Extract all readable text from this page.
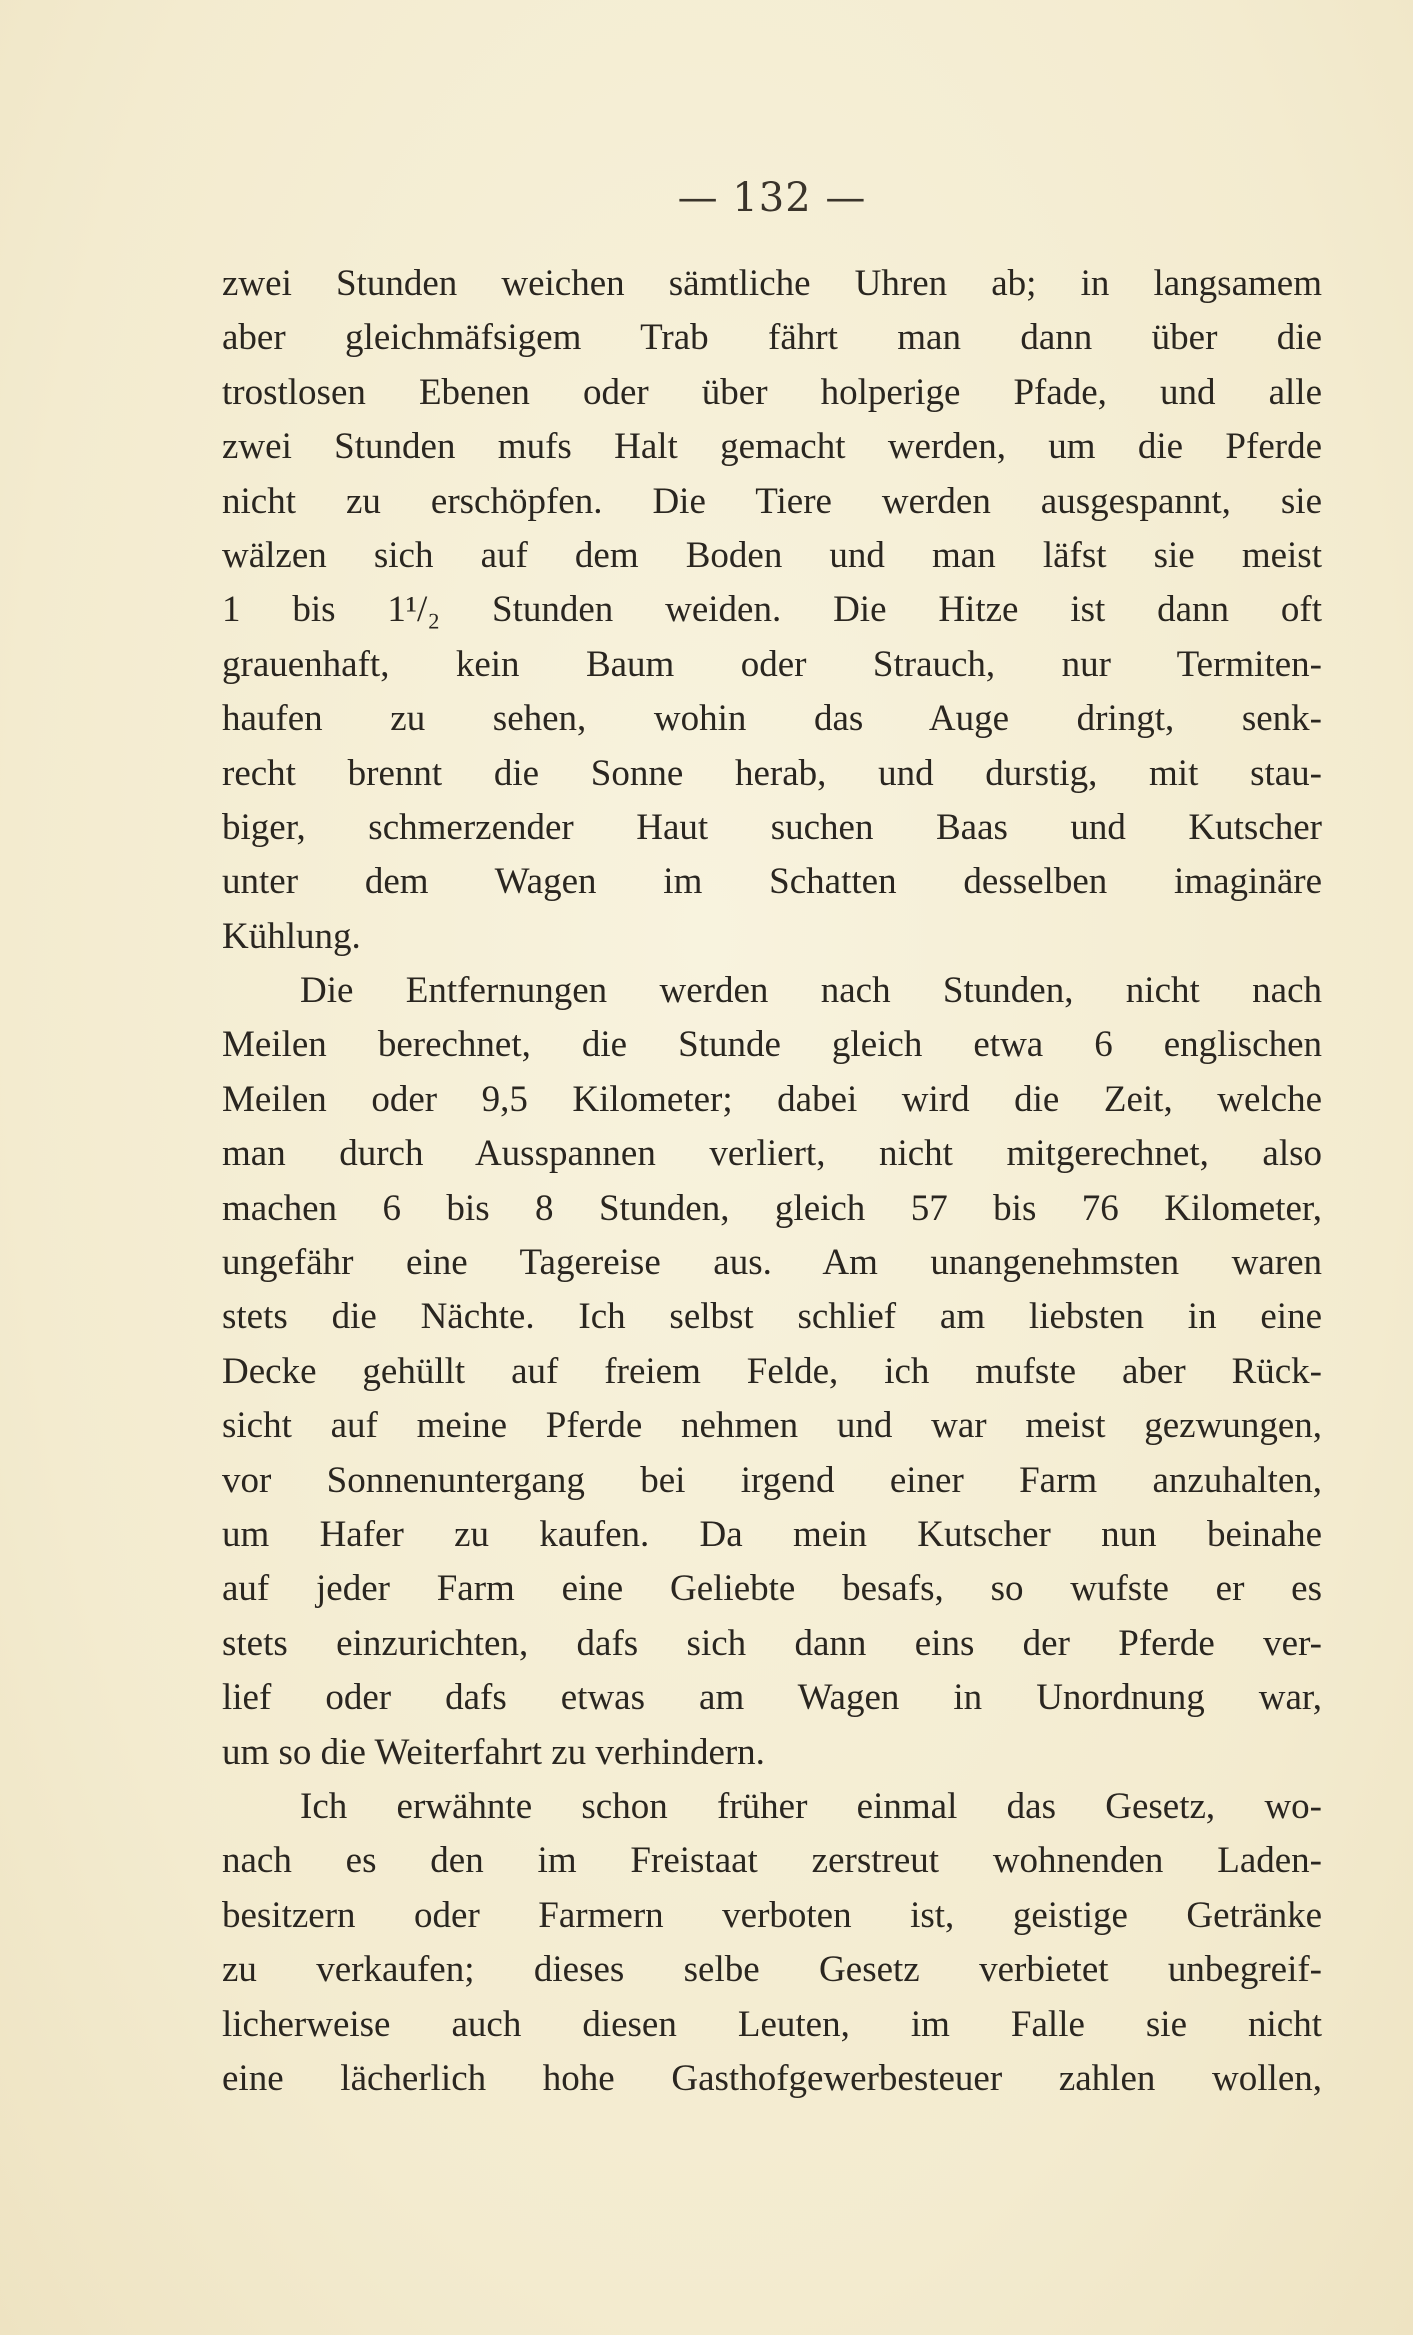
— 132 —
zwei Stunden weichen sämtliche Uhren ab; in langsamem
aber gleichmäfsigem Trab fährt man dann über die
trostlosen Ebenen oder über holperige Pfade, und alle
zwei Stunden mufs Halt gemacht werden, um die Pferde
nicht zu erschöpfen. Die Tiere werden ausgespannt, sie
wälzen sich auf dem Boden und man läfst sie meist
1 bis 1¹/₂ Stunden weiden. Die Hitze ist dann oft
grauenhaft, kein Baum oder Strauch, nur Termiten-
haufen zu sehen, wohin das Auge dringt, senk-
recht brennt die Sonne herab, und durstig, mit stau-
biger, schmerzender Haut suchen Baas und Kutscher
unter dem Wagen im Schatten desselben imaginäre
Kühlung.
Die Entfernungen werden nach Stunden, nicht nach
Meilen berechnet, die Stunde gleich etwa 6 englischen
Meilen oder 9,5 Kilometer; dabei wird die Zeit, welche
man durch Ausspannen verliert, nicht mitgerechnet, also
machen 6 bis 8 Stunden, gleich 57 bis 76 Kilometer,
ungefähr eine Tagereise aus. Am unangenehmsten waren
stets die Nächte. Ich selbst schlief am liebsten in eine
Decke gehüllt auf freiem Felde, ich mufste aber Rück-
sicht auf meine Pferde nehmen und war meist gezwungen,
vor Sonnenuntergang bei irgend einer Farm anzuhalten,
um Hafer zu kaufen. Da mein Kutscher nun beinahe
auf jeder Farm eine Geliebte besafs, so wufste er es
stets einzurichten, dafs sich dann eins der Pferde ver-
lief oder dafs etwas am Wagen in Unordnung war,
um so die Weiterfahrt zu verhindern.
Ich erwähnte schon früher einmal das Gesetz, wo-
nach es den im Freistaat zerstreut wohnenden Laden-
besitzern oder Farmern verboten ist, geistige Getränke
zu verkaufen; dieses selbe Gesetz verbietet unbegreif-
licherweise auch diesen Leuten, im Falle sie nicht
eine lächerlich hohe Gasthofgewerbesteuer zahlen wollen,
